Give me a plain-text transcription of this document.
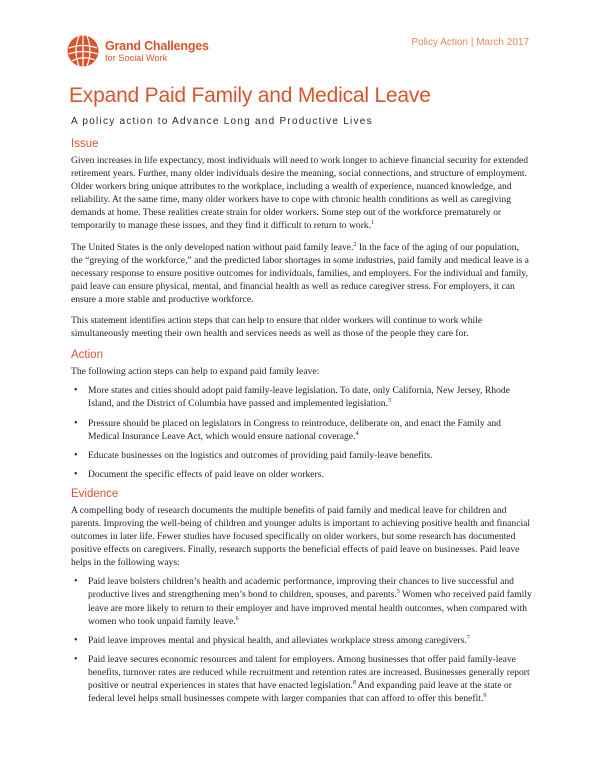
Grand Challenges
for Social Work
Policy Action | March 2017
Expand Paid Family and Medical Leave
A policy action to Advance Long and Productive Lives
Issue

Given increases in life expectancy, most individuals will need to work longer to achieve financial security for extended retirement years. Further, many older individuals desire the meaning, social connections, and structure of employment. Older workers bring unique attributes to the workplace, including a wealth of experience, nuanced knowledge, and reliability. At the same time, many older workers have to cope with chronic health conditions as well as caregiving demands at home. These realities create strain for older workers. Some step out of the workforce prematurely or temporarily to manage these issues, and they find it difficult to return to work.$^1$

The United States is the only developed nation without paid family leave.$^2$ In the face of the aging of our population, the “greying of the workforce,” and the predicted labor shortages in some industries, paid family and medical leave is a necessary response to ensure positive outcomes for individuals, families, and employers. For the individual and family, paid leave can ensure physical, mental, and financial health as well as reduce caregiver stress. For employers, it can ensure a more stable and productive workforce.

This statement identifies action steps that can help to ensure that older workers will continue to work while simultaneously meeting their own health and services needs as well as those of the people they care for.

Action

The following action steps can help to expand paid family leave:

• More states and cities should adopt paid family-leave legislation. To date, only California, New Jersey, Rhode Island, and the District of Columbia have passed and implemented legislation.$^3$
• Pressure should be placed on legislators in Congress to reintroduce, deliberate on, and enact the Family and Medical Insurance Leave Act, which would ensure national coverage.$^4$
• Educate businesses on the logistics and outcomes of providing paid family-leave benefits.
• Document the specific effects of paid leave on older workers.
Evidence

A compelling body of research documents the multiple benefits of paid family and medical leave for children and parents. Improving the well-being of children and younger adults is important to achieving positive health and financial outcomes in later life. Fewer studies have focused specifically on older workers, but some research has documented positive effects on caregivers. Finally, research supports the beneficial effects of paid leave on businesses. Paid leave helps in the following ways:

• Paid leave bolsters children’s health and academic performance, improving their chances to live successful and productive lives and strengthening men’s bond to children, spouses, and parents.$^5$ Women who received paid family leave are more likely to return to their employer and have improved mental health outcomes, when compared with women who took unpaid family leave.$^6$
• Paid leave improves mental and physical health, and alleviates workplace stress among caregivers.$^7$
• Paid leave secures economic resources and talent for employers. Among businesses that offer paid family-leave benefits, turnover rates are reduced while recruitment and retention rates are increased. Businesses generally report positive or neutral experiences in states that have enacted legislation.$^8$ And expanding paid leave at the state or federal level helps small businesses compete with larger companies that can afford to offer this benefit.$^9$
